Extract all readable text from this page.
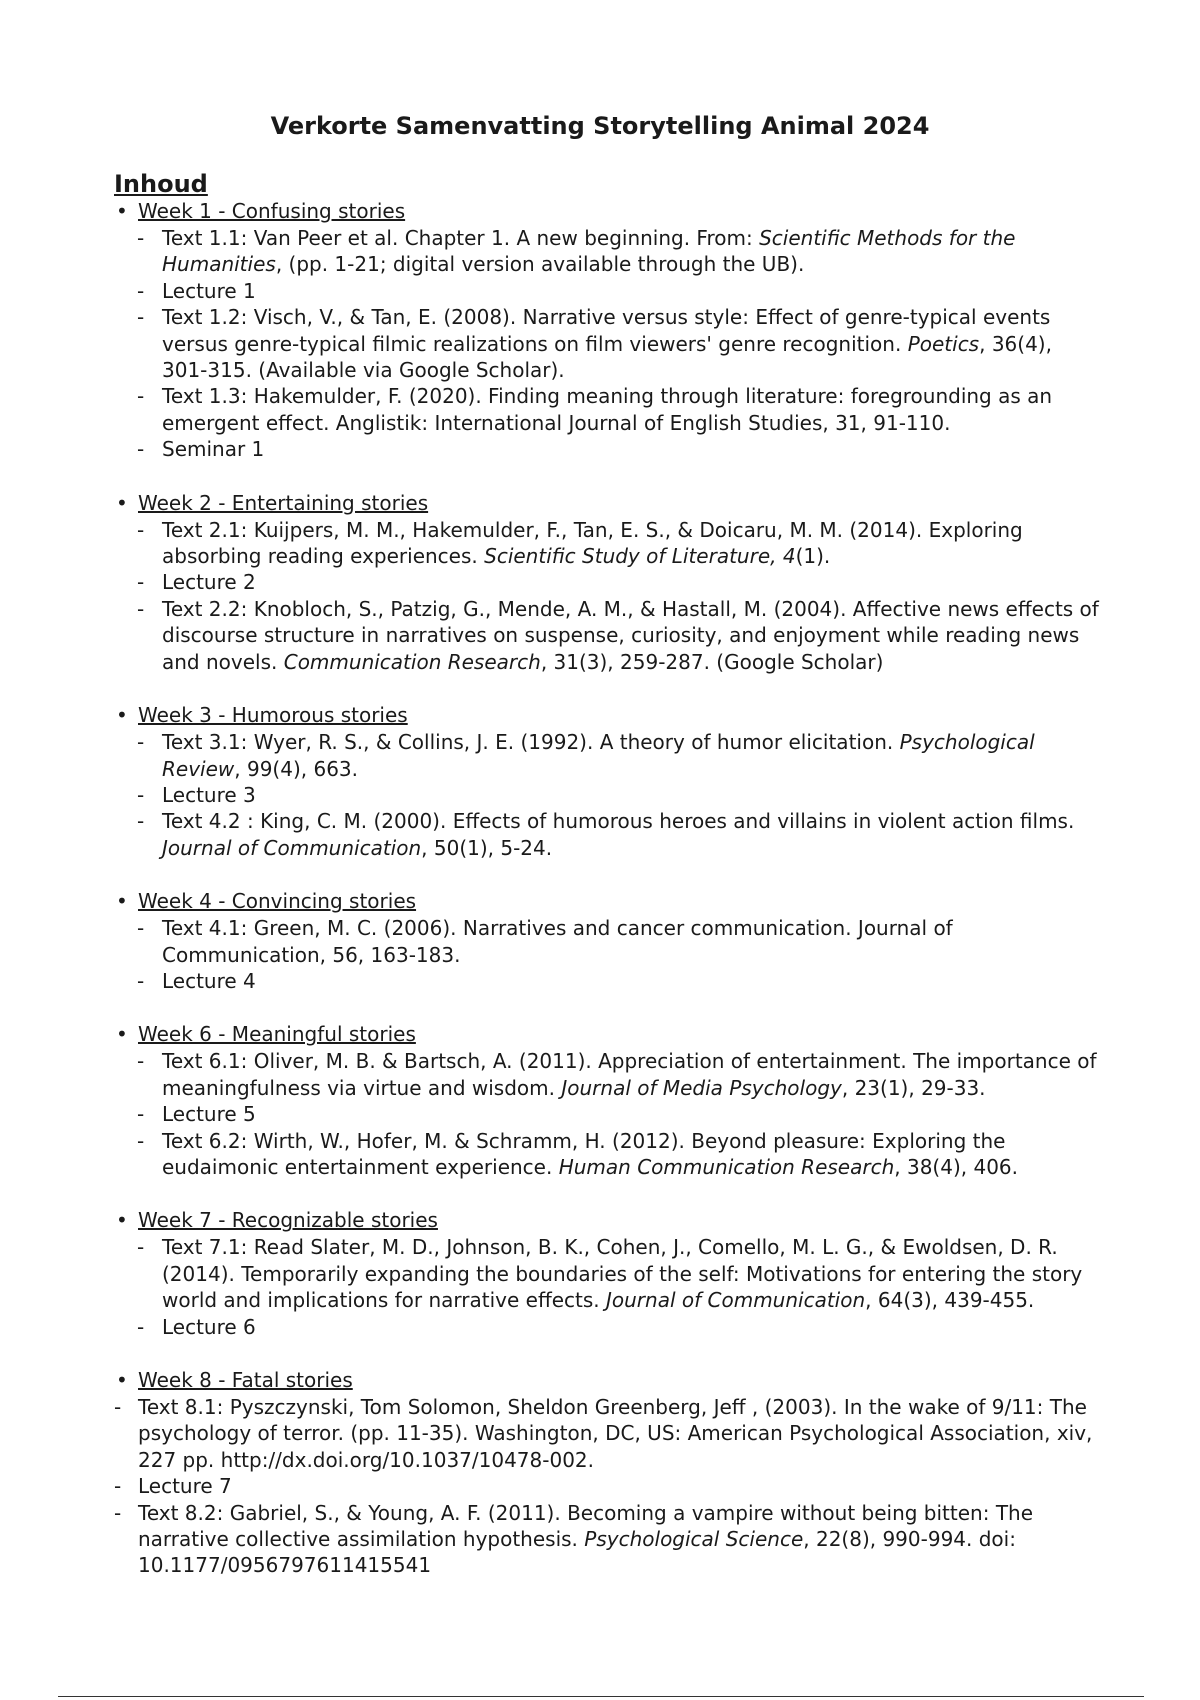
Verkorte Samenvatting Storytelling Animal 2024
Inhoud
• Week 1 - Confusing stories
- Text 1.1: Van Peer et al. Chapter 1. A new beginning. From: Scientific Methods for the Humanities, (pp. 1-21; digital version available through the UB).
- Lecture 1
- Text 1.2: Visch, V., & Tan, E. (2008). Narrative versus style: Effect of genre-typical events versus genre-typical filmic realizations on film viewers' genre recognition. Poetics, 36(4), 301-315. (Available via Google Scholar).
- Text 1.3: Hakemulder, F. (2020). Finding meaning through literature: foregrounding as an emergent effect. Anglistik: International Journal of English Studies, 31, 91-110.
- Seminar 1
• Week 2 - Entertaining stories
- Text 2.1: Kuijpers, M. M., Hakemulder, F., Tan, E. S., & Doicaru, M. M. (2014). Exploring absorbing reading experiences. Scientific Study of Literature, 4(1).
- Lecture 2
- Text 2.2: Knobloch, S., Patzig, G., Mende, A. M., & Hastall, M. (2004). Affective news effects of discourse structure in narratives on suspense, curiosity, and enjoyment while reading news and novels. Communication Research, 31(3), 259-287. (Google Scholar)
• Week 3 - Humorous stories
- Text 3.1: Wyer, R. S., & Collins, J. E. (1992). A theory of humor elicitation. Psychological Review, 99(4), 663.
- Lecture 3
- Text 4.2 : King, C. M. (2000). Effects of humorous heroes and villains in violent action films. Journal of Communication, 50(1), 5-24.
• Week 4 - Convincing stories
- Text 4.1: Green, M. C. (2006). Narratives and cancer communication. Journal of Communication, 56, 163-183.
- Lecture 4
• Week 6 - Meaningful stories
- Text 6.1: Oliver, M. B. & Bartsch, A. (2011). Appreciation of entertainment. The importance of meaningfulness via virtue and wisdom. Journal of Media Psychology, 23(1), 29-33.
- Lecture 5
- Text 6.2: Wirth, W., Hofer, M. & Schramm, H. (2012). Beyond pleasure: Exploring the eudaimonic entertainment experience. Human Communication Research, 38(4), 406.
• Week 7 - Recognizable stories
- Text 7.1: Read Slater, M. D., Johnson, B. K., Cohen, J., Comello, M. L. G., & Ewoldsen, D. R. (2014). Temporarily expanding the boundaries of the self: Motivations for entering the story world and implications for narrative effects. Journal of Communication, 64(3), 439-455.
- Lecture 6
• Week 8 - Fatal stories
- Text 8.1: Pyszczynski, Tom Solomon, Sheldon Greenberg, Jeff , (2003). In the wake of 9/11: The psychology of terror. (pp. 11-35). Washington, DC, US: American Psychological Association, xiv, 227 pp. http://dx.doi.org/10.1037/10478-002.
- Lecture 7
- Text 8.2: Gabriel, S., & Young, A. F. (2011). Becoming a vampire without being bitten: The narrative collective assimilation hypothesis. Psychological Science, 22(8), 990-994. doi: 10.1177/0956797611415541
